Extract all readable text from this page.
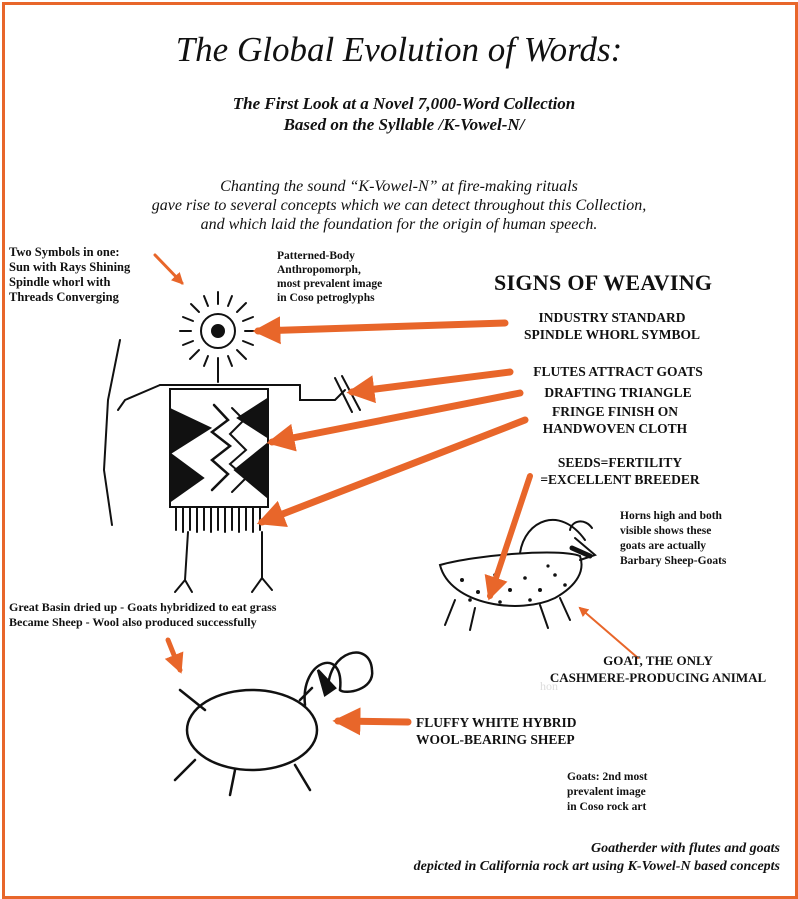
hon

The Global Evolution of Words:

The First Look at a Novel 7,000-Word Collection
Based on the Syllable /K-Vowel-N/
Chanting the sound “K-Vowel-N” at fire-making rituals
gave rise to several concepts which we can detect throughout this Collection,
and which laid the foundation for the origin of human speech.
Two Symbols in one:
Sun with Rays Shining
Spindle whorl with
Threads Converging
Patterned-Body
Anthropomorph,
most prevalent image
in Coso petroglyphs
SIGNS OF WEAVING
INDUSTRY STANDARD
SPINDLE WHORL SYMBOL
FLUTES ATTRACT GOATS
DRAFTING TRIANGLE
FRINGE FINISH ON
HANDWOVEN CLOTH
SEEDS=FERTILITY
=EXCELLENT BREEDER
Horns high and both
visible shows these
goats are actually
Barbary Sheep-Goats
Great Basin dried up - Goats hybridized to eat grass
Became Sheep - Wool also produced successfully
GOAT, THE ONLY
CASHMERE-PRODUCING ANIMAL
FLUFFY WHITE HYBRID
WOOL-BEARING SHEEP
Goats: 2nd most
prevalent image
in Coso rock art
Goatherder with flutes and goats
depicted in California rock art using K-Vowel-N based concepts
